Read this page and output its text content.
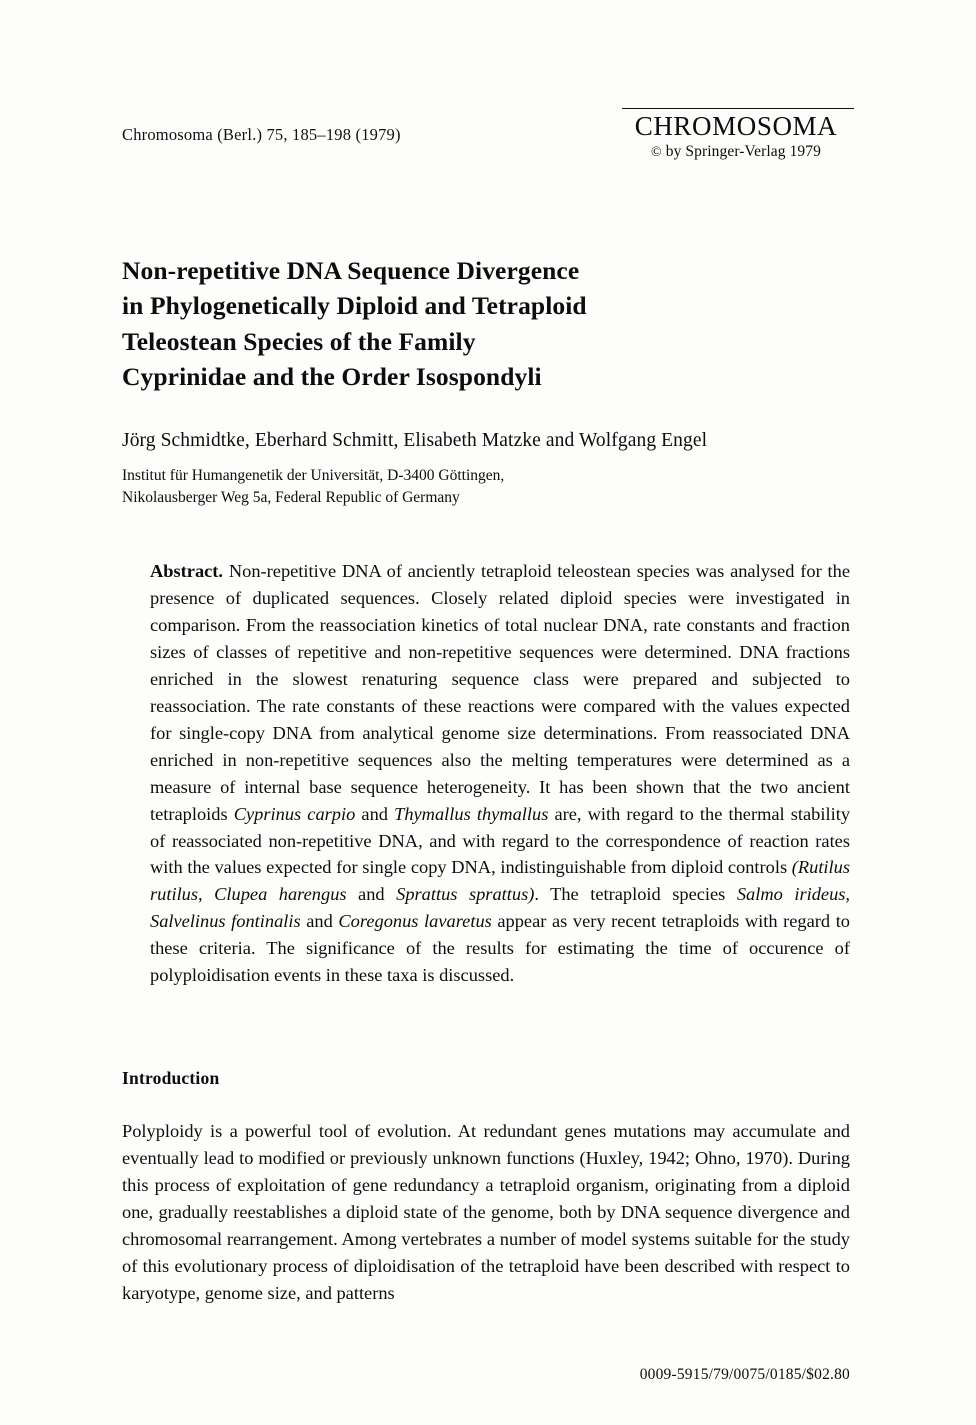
Chromosoma (Berl.) 75, 185–198 (1979)	CHROMOSOMA
© by Springer-Verlag 1979
Non-repetitive DNA Sequence Divergence
in Phylogenetically Diploid and Tetraploid
Teleostean Species of the Family
Cyprinidae and the Order Isospondyli
Jörg Schmidtke, Eberhard Schmitt, Elisabeth Matzke and Wolfgang Engel
Institut für Humangenetik der Universität, D-3400 Göttingen,
Nikolausberger Weg 5a, Federal Republic of Germany
Abstract. Non-repetitive DNA of anciently tetraploid teleostean species was analysed for the presence of duplicated sequences. Closely related diploid species were investigated in comparison. From the reassociation kinetics of total nuclear DNA, rate constants and fraction sizes of classes of repetitive and non-repetitive sequences were determined. DNA fractions enriched in the slowest renaturing sequence class were prepared and subjected to reassociation. The rate constants of these reactions were compared with the values expected for single-copy DNA from analytical genome size determinations. From reassociated DNA enriched in non-repetitive sequences also the melting temperatures were determined as a measure of internal base sequence heterogeneity. It has been shown that the two ancient tetraploids Cyprinus carpio and Thymallus thymallus are, with regard to the thermal stability of reassociated non-repetitive DNA, and with regard to the correspondence of reaction rates with the values expected for single copy DNA, indistinguishable from diploid controls (Rutilus rutilus, Clupea harengus and Sprattus sprattus). The tetraploid species Salmo irideus, Salvelinus fontinalis and Coregonus lavaretus appear as very recent tetraploids with regard to these criteria. The significance of the results for estimating the time of occurence of polyploidisation events in these taxa is discussed.
Introduction
Polyploidy is a powerful tool of evolution. At redundant genes mutations may accumulate and eventually lead to modified or previously unknown functions (Huxley, 1942; Ohno, 1970). During this process of exploitation of gene redundancy a tetraploid organism, originating from a diploid one, gradually reestablishes a diploid state of the genome, both by DNA sequence divergence and chromosomal rearrangement. Among vertebrates a number of model systems suitable for the study of this evolutionary process of diploidisation of the tetraploid have been described with respect to karyotype, genome size, and patterns
0009-5915/79/0075/0185/$02.80
